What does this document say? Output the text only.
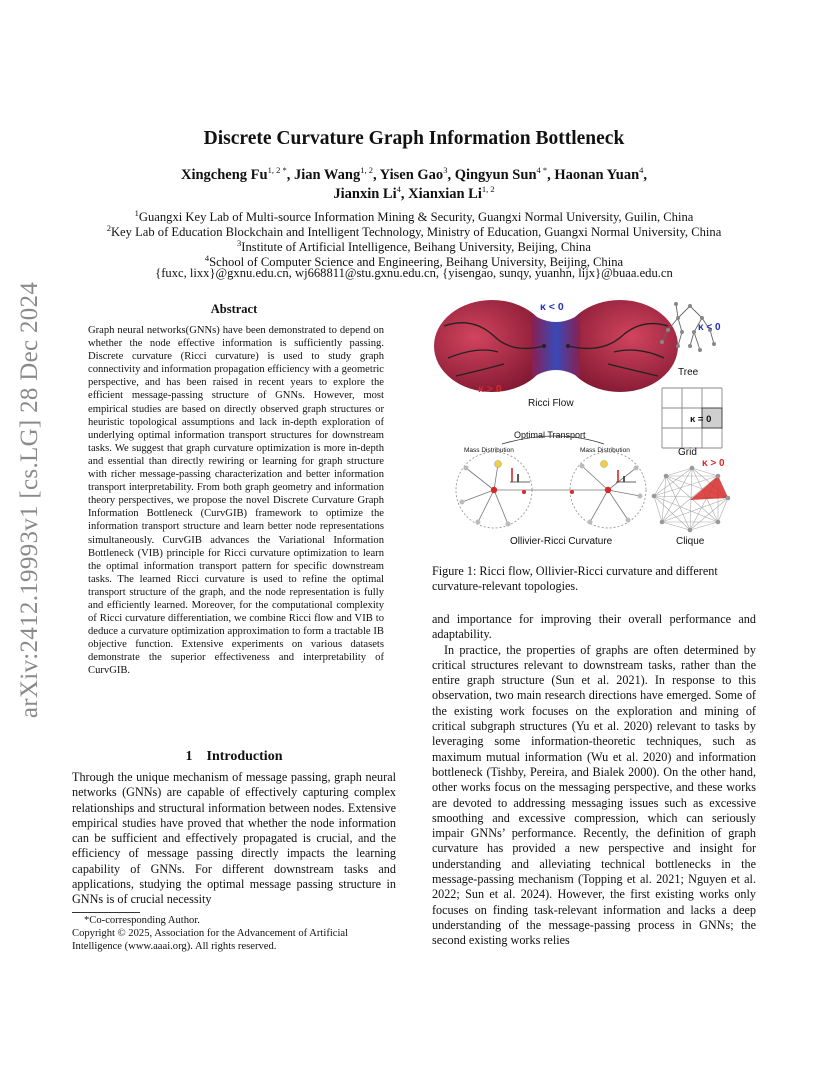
arXiv:2412.19993v1 [cs.LG] 28 Dec 2024
Discrete Curvature Graph Information Bottleneck
Xingcheng $Fu^{1, 2 *}$, Jian Wang$^{1, 2}$, Yisen Gao$^3$, Qingyun Sun$^{4 *}$, Haonan Yuan$^4$,
Jianxin Li$^4$, Xianxian Li$^{1, 2}$
$^1$Guangxi Key Lab of Multi-source Information Mining & Security, Guangxi Normal University, Guilin, China
$^2$Key Lab of Education Blockchain and Intelligent Technology, Ministry of Education, Guangxi Normal University, China
$^3$Institute of Artificial Intelligence, Beihang University, Beijing, China
$^4$School of Computer Science and Engineering, Beihang University, Beijing, China
{fuxc, lixx}@gxnu.edu.cn, wj668811@stu.gxnu.edu.cn, {yisengao, sunqy, yuanhn, lijx}@buaa.edu.cn
Abstract
Graph neural networks(GNNs) have been demonstrated to depend on whether the node effective information is sufficiently passing. Discrete curvature (Ricci curvature) is used to study graph connectivity and information propagation efficiency with a geometric perspective, and has been raised in recent years to explore the efficient message-passing structure of GNNs. However, most empirical studies are based on directly observed graph structures or heuristic topological assumptions and lack in-depth exploration of underlying optimal information transport structures for downstream tasks. We suggest that graph curvature optimization is more in-depth and essential than directly rewiring or learning for graph structure with richer message-passing characterization and better information transport interpretability. From both graph geometry and information theory perspectives, we propose the novel Discrete Curvature Graph Information Bottleneck (CurvGIB) framework to optimize the information transport structure and learn better node representations simultaneously. CurvGIB advances the Variational Information Bottleneck (VIB) principle for Ricci curvature optimization to learn the optimal information transport pattern for specific downstream tasks. The learned Ricci curvature is used to refine the optimal transport structure of the graph, and the node representation is fully and efficiently learned. Moreover, for the computational complexity of Ricci curvature differentiation, we combine Ricci flow and VIB to deduce a curvature optimization approximation to form a tractable IB objective function. Extensive experiments on various datasets demonstrate the superior effectiveness and interpretability of CurvGIB.
1 Introduction
Through the unique mechanism of message passing, graph neural networks (GNNs) are capable of effectively capturing complex relationships and structural information between nodes. Extensive empirical studies have proved that whether the node information can be sufficient and effectively propagated is crucial, and the efficiency of message passing directly impacts the learning capability of GNNs. For different downstream tasks and applications, studying the optimal message passing structure in GNNs is of crucial necessity
*Co-corresponding Author.
Copyright © 2025, Association for the Advancement of Artificial Intelligence (www.aaai.org). All rights reserved.
κ < 0
κ > 0
Ricci Flow
κ < 0
Tree
κ = 0
Grid
Optimal Transport
Mass Distribution	Mass Distribution
Ollivier-Ricci Curvature
κ > 0
Clique
Figure 1: Ricci flow, Ollivier-Ricci curvature and different curvature-relevant topologies.

and importance for improving their overall performance and adaptability.

In practice, the properties of graphs are often determined by critical structures relevant to downstream tasks, rather than the entire graph structure (Sun et al. 2021). In response to this observation, two main research directions have emerged. Some of the existing work focuses on the exploration and mining of critical subgraph structures (Yu et al. 2020) relevant to tasks by leveraging some information-theoretic techniques, such as maximum mutual information (Wu et al. 2020) and information bottleneck (Tishby, Pereira, and Bialek 2000). On the other hand, other works focus on the messaging perspective, and these works are devoted to addressing messaging issues such as excessive smoothing and excessive compression, which can seriously impair GNNs’ performance. Recently, the definition of graph curvature has provided a new perspective and insight for understanding and alleviating technical bottlenecks in the message-passing mechanism (Topping et al. 2021; Nguyen et al. 2022; Sun et al. 2024). However, the first existing works only focuses on finding task-relevant information and lacks a deep understanding of the message-passing process in GNNs; the second existing works relies
